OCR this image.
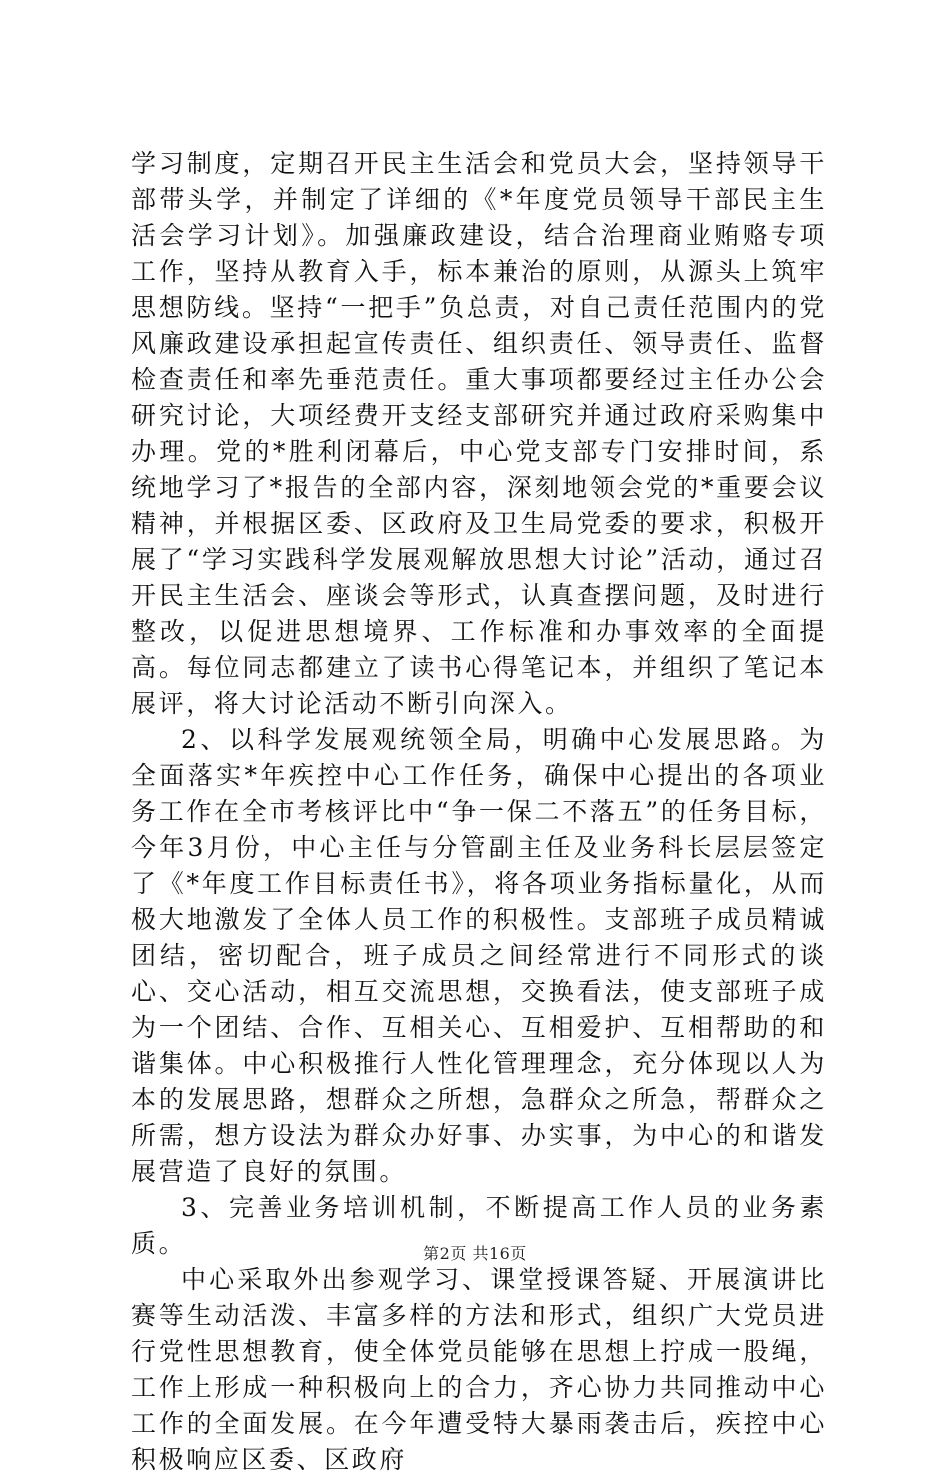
学习制度，定期召开民主生活会和党员大会，坚持领导干部带头学，并制定了详细的《*年度党员领导干部民主生活会学习计划》。加强廉政建设，结合治理商业贿赂专项工作，坚持从教育入手，标本兼治的原则，从源头上筑牢思想防线。坚持“一把手”负总责，对自己责任范围内的党风廉政建设承担起宣传责任、组织责任、领导责任、监督检查责任和率先垂范责任。重大事项都要经过主任办公会研究讨论，大项经费开支经支部研究并通过政府采购集中办理。党的*胜利闭幕后，中心党支部专门安排时间，系统地学习了*报告的全部内容，深刻地领会党的*重要会议精神，并根据区委、区政府及卫生局党委的要求，积极开展了“学习实践科学发展观解放思想大讨论”活动，通过召开民主生活会、座谈会等形式，认真查摆问题，及时进行整改，以促进思想境界、工作标准和办事效率的全面提高。每位同志都建立了读书心得笔记本，并组织了笔记本展评，将大讨论活动不断引向深入。

2、以科学发展观统领全局，明确中心发展思路。为全面落实*年疾控中心工作任务，确保中心提出的各项业务工作在全市考核评比中“争一保二不落五”的任务目标，今年3月份，中心主任与分管副主任及业务科长层层签定了《*年度工作目标责任书》，将各项业务指标量化，从而极大地激发了全体人员工作的积极性。支部班子成员精诚团结，密切配合，班子成员之间经常进行不同形式的谈心、交心活动，相互交流思想，交换看法，使支部班子成为一个团结、合作、互相关心、互相爱护、互相帮助的和谐集体。中心积极推行人性化管理理念，充分体现以人为本的发展思路，想群众之所想，急群众之所急，帮群众之所需，想方设法为群众办好事、办实事，为中心的和谐发展营造了良好的氛围。

3、完善业务培训机制，不断提高工作人员的业务素质。

中心采取外出参观学习、课堂授课答疑、开展演讲比赛等生动活泼、丰富多样的方法和形式，组织广大党员进行党性思想教育，使全体党员能够在思想上拧成一股绳，工作上形成一种积极向上的合力，齐心协力共同推动中心工作的全面发展。在今年遭受特大暴雨袭击后，疾控中心积极响应区委、区政府

第2页 共16页
